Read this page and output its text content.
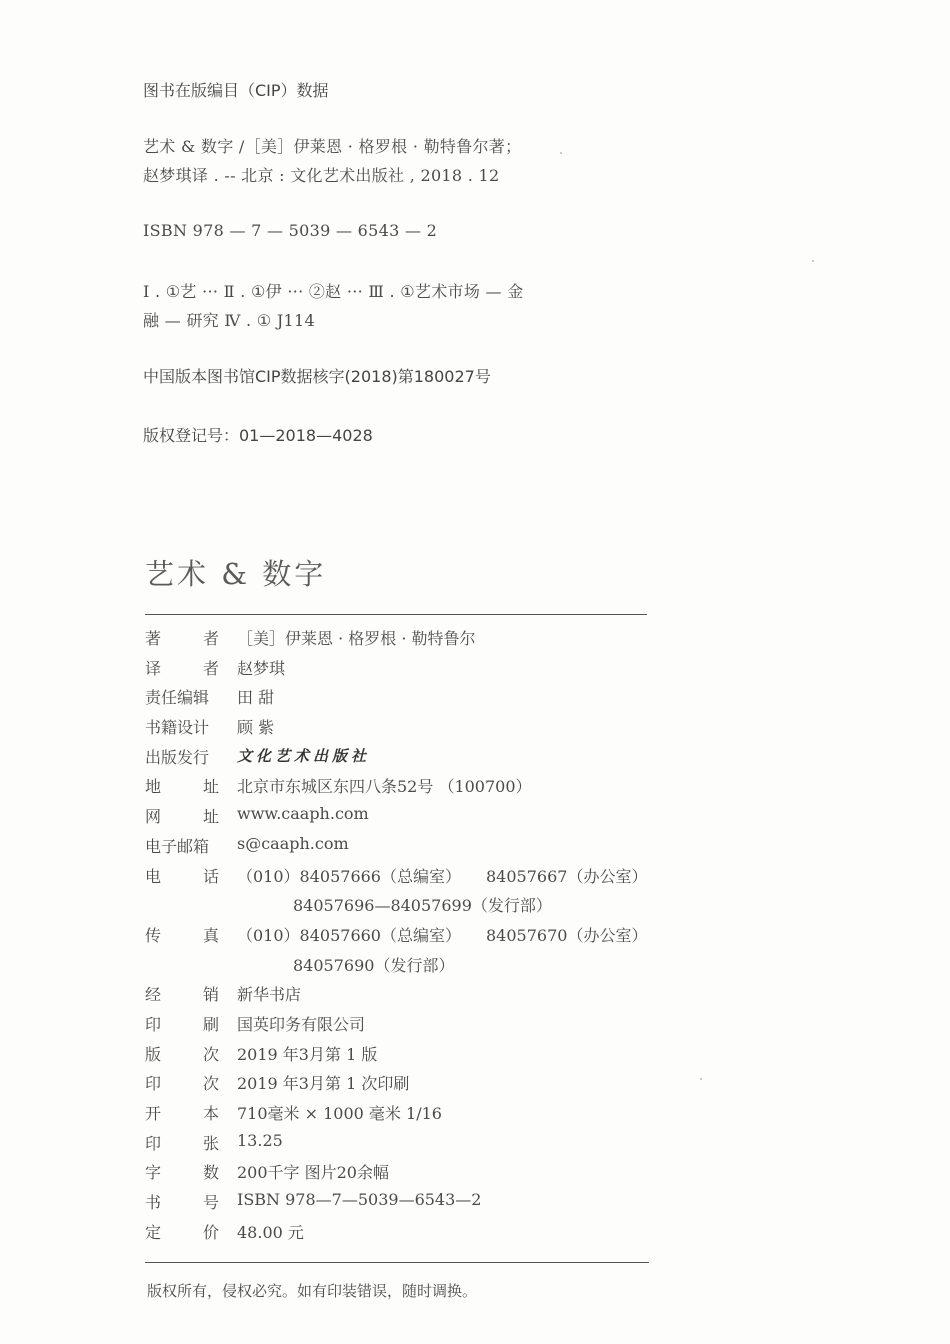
图书在版编目（CIP）数据
艺术 & 数字 /［美］伊莱恩 · 格罗根 · 勒特鲁尔著；
赵梦琪译 . -- 北京 : 文化艺术出版社 , 2018 . 12
ISBN 978 — 7 — 5039 — 6543 — 2
Ⅰ . ①艺 ··· Ⅱ . ①伊 ··· ②赵 ··· Ⅲ . ①艺术市场 — 金
融 — 研究 Ⅳ . ① J114
中国版本图书馆CIP数据核字(2018)第180027号
版权登记号：01—2018—4028
艺术 & 数字
著	者 ［美］伊莱恩 · 格罗根 · 勒特鲁尔
译	者 赵梦琪
责任编辑	田 甜
书籍设计	顾 紫
出版发行	文化艺术出版社
地	址 北京市东城区东四八条52号 （100700）
网	址 www.caaph.com
电子邮箱	s@caaph.com
电	话 （010）84057666（总编室） 84057667（办公室）
84057696—84057699（发行部）
传	真 （010）84057660（总编室） 84057670（办公室）
84057690（发行部）
经	销 新华书店
印	刷 国英印务有限公司
版	次 2019 年3月第 1 版
印	次 2019 年3月第 1 次印刷
开	本 710毫米 × 1000 毫米 1/16
印	张 13.25
字	数 200千字 图片20余幅
书	号 ISBN 978—7—5039—6543—2
定	价 48.00 元
版权所有，侵权必究。如有印装错误，随时调换。
